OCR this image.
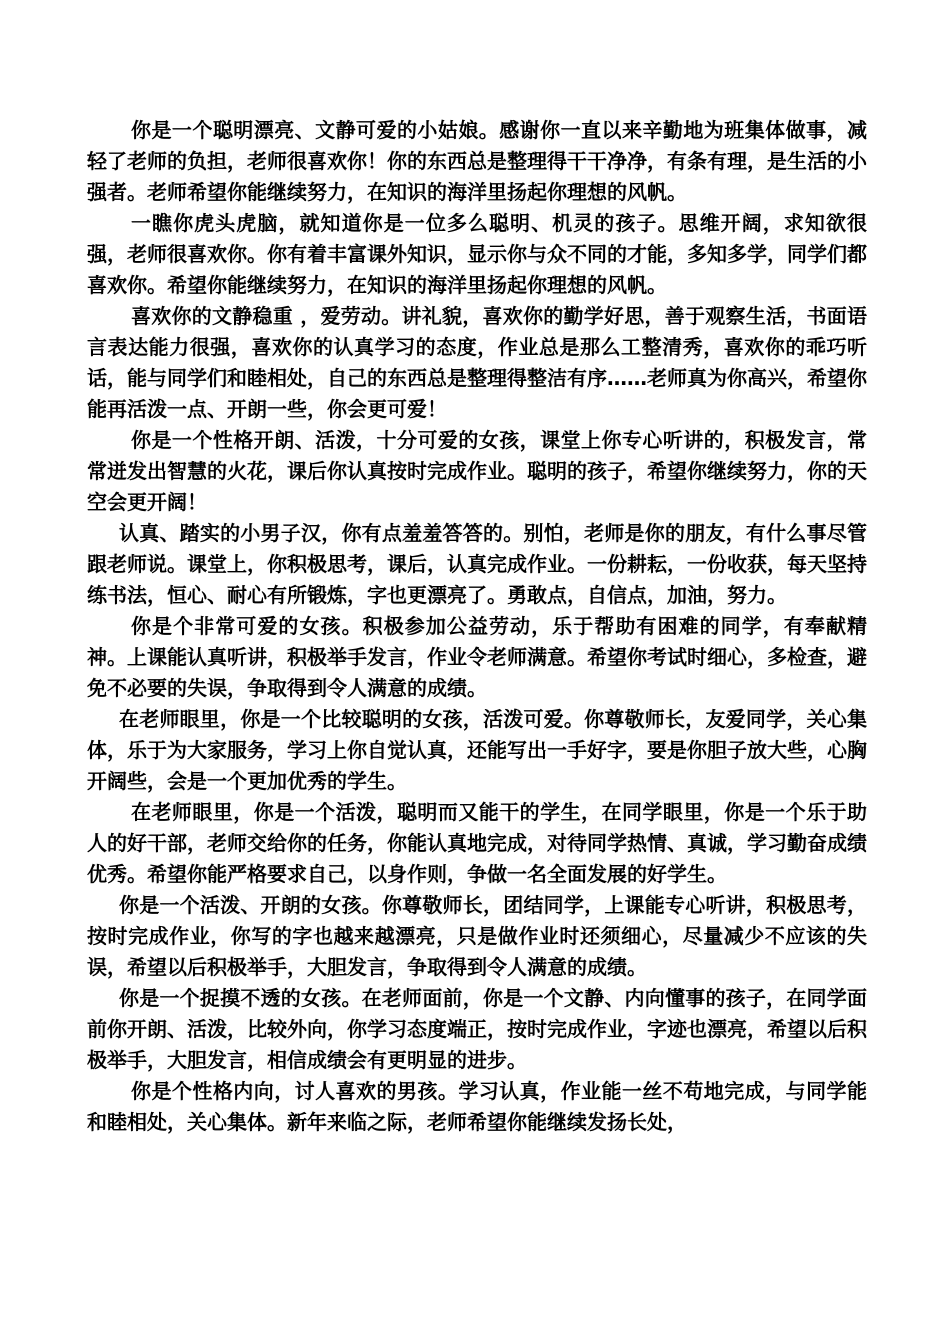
你是一个聪明漂亮、文静可爱的小姑娘。感谢你一直以来辛勤地为班集体做事，减轻了老师的负担，老师很喜欢你！你的东西总是整理得干干净净，有条有理，是生活的小强者。老师希望你能继续努力，在知识的海洋里扬起你理想的风帆。

一瞧你虎头虎脑，就知道你是一位多么聪明、机灵的孩子。思维开阔，求知欲很强，老师很喜欢你。你有着丰富课外知识，显示你与众不同的才能，多知多学，同学们都喜欢你。希望你能继续努力，在知识的海洋里扬起你理想的风帆。

喜欢你的文静稳重 ，爱劳动。讲礼貌，喜欢你的勤学好思，善于观察生活，书面语言表达能力很强，喜欢你的认真学习的态度，作业总是那么工整清秀，喜欢你的乖巧听话，能与同学们和睦相处，自己的东西总是整理得整洁有序……老师真为你高兴，希望你能再活泼一点、开朗一些，你会更可爱！

你是一个性格开朗、活泼，十分可爱的女孩，课堂上你专心听讲的，积极发言，常常迸发出智慧的火花，课后你认真按时完成作业。聪明的孩子，希望你继续努力，你的天空会更开阔！

认真、踏实的小男子汉，你有点羞羞答答的。别怕，老师是你的朋友，有什么事尽管跟老师说。课堂上，你积极思考，课后，认真完成作业。一份耕耘，一份收获，每天坚持练书法，恒心、耐心有所锻炼，字也更漂亮了。勇敢点，自信点，加油，努力。

你是个非常可爱的女孩。积极参加公益劳动，乐于帮助有困难的同学，有奉献精神。上课能认真听讲，积极举手发言，作业令老师满意。希望你考试时细心，多检查，避免不必要的失误，争取得到令人满意的成绩。

在老师眼里，你是一个比较聪明的女孩，活泼可爱。你尊敬师长，友爱同学，关心集体，乐于为大家服务，学习上你自觉认真，还能写出一手好字，要是你胆子放大些，心胸开阔些，会是一个更加优秀的学生。

在老师眼里，你是一个活泼，聪明而又能干的学生，在同学眼里，你是一个乐于助人的好干部，老师交给你的任务，你能认真地完成，对待同学热情、真诚，学习勤奋成绩优秀。希望你能严格要求自己，以身作则，争做一名全面发展的好学生。

你是一个活泼、开朗的女孩。你尊敬师长，团结同学，上课能专心听讲，积极思考，按时完成作业，你写的字也越来越漂亮，只是做作业时还须细心，尽量减少不应该的失误，希望以后积极举手，大胆发言，争取得到令人满意的成绩。

你是一个捉摸不透的女孩。在老师面前，你是一个文静、内向懂事的孩子，在同学面前你开朗、活泼，比较外向，你学习态度端正，按时完成作业，字迹也漂亮，希望以后积极举手，大胆发言，相信成绩会有更明显的进步。

你是个性格内向，讨人喜欢的男孩。学习认真，作业能一丝不苟地完成，与同学能和睦相处，关心集体。新年来临之际，老师希望你能继续发扬长处，
